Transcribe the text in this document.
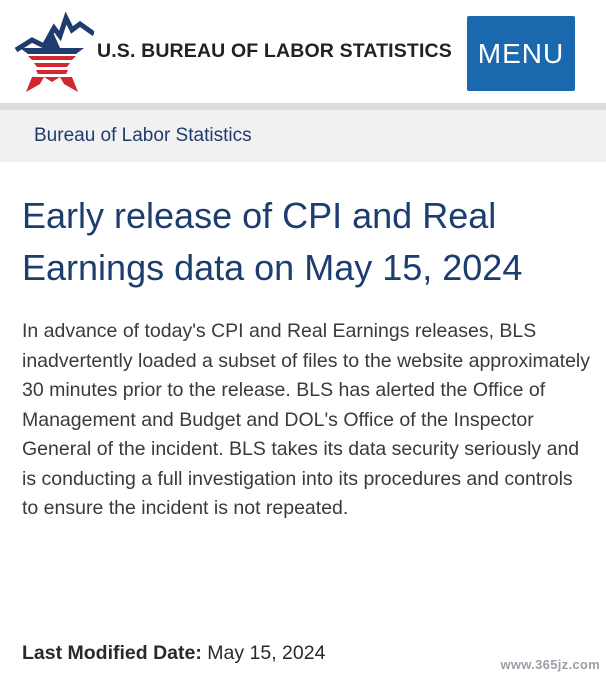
U.S. BUREAU OF LABOR STATISTICS MENU
Bureau of Labor Statistics
Early release of CPI and Real Earnings data on May 15, 2024

In advance of today's CPI and Real Earnings releases, BLS inadvertently loaded a subset of files to the website approximately 30 minutes prior to the release. BLS has alerted the Office of Management and Budget and DOL's Office of the Inspector General of the incident. BLS takes its data security seriously and is conducting a full investigation into its procedures and controls to ensure the incident is not repeated.

Last Modified Date: May 15, 2024
www.365jz.com
